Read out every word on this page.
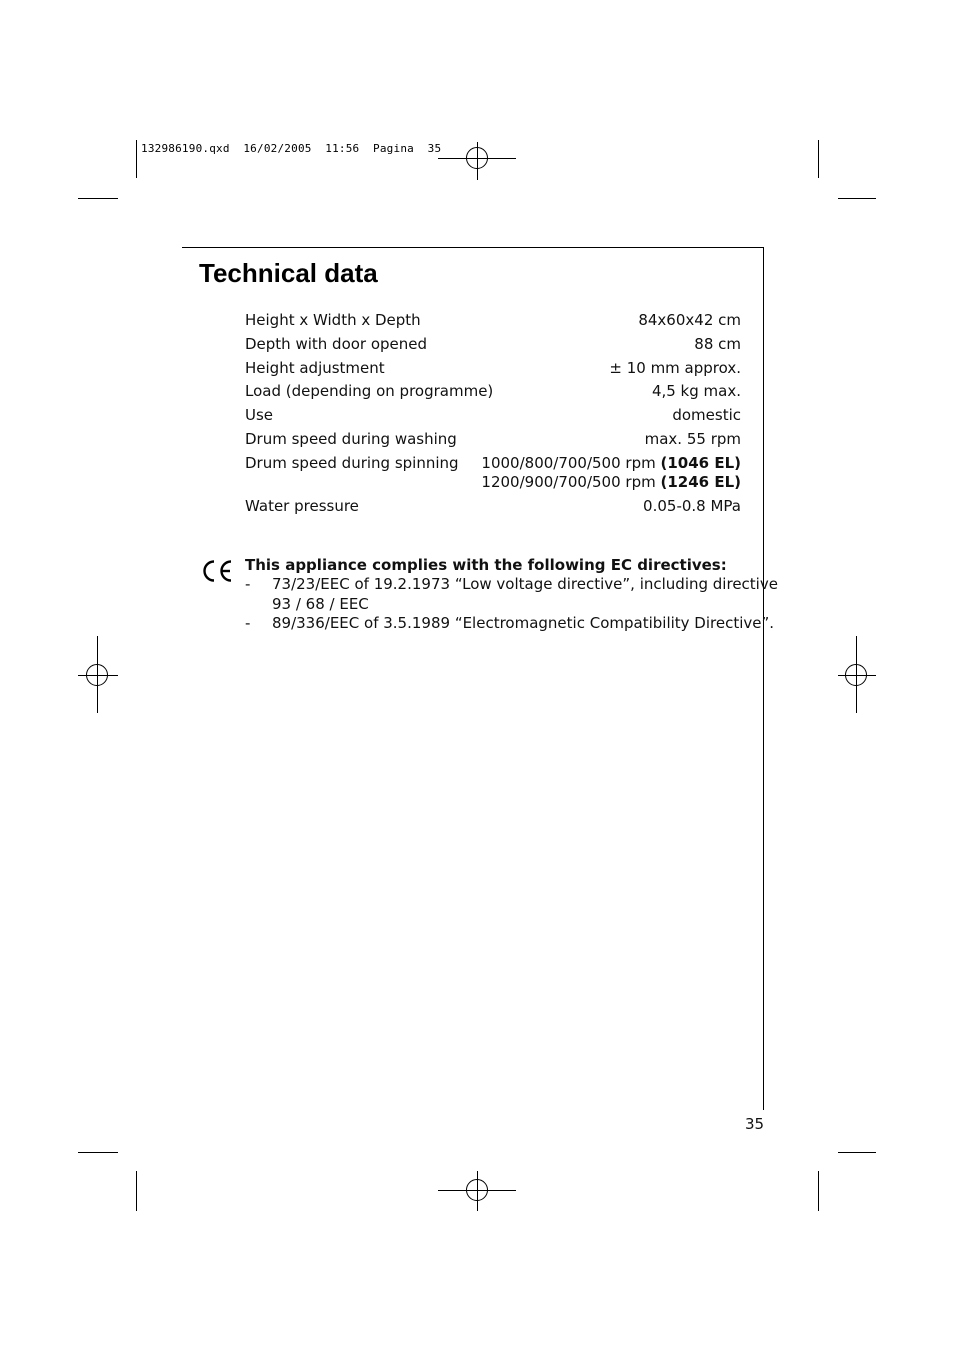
132986190.qxd 16/02/2005 11:56 Pagina 35
Technical data
Height x Width x Depth	84x60x42 cm
Depth with door opened	88 cm
Height adjustment	± 10 mm approx.
Load (depending on programme)	4,5 kg max.
Use	domestic
Drum speed during washing	max. 55 rpm
Drum speed during spinning 1000/800/700/500 rpm (1046 EL)
1200/900/700/500 rpm (1246 EL)
Water pressure	0.05-0.8 MPa
This appliance complies with the following EC directives:
- 73/23/EEC of 19.2.1973 “Low voltage directive”, including directive
93 / 68 / EEC
- 89/336/EEC of 3.5.1989 “Electromagnetic Compatibility Directive”.
35
